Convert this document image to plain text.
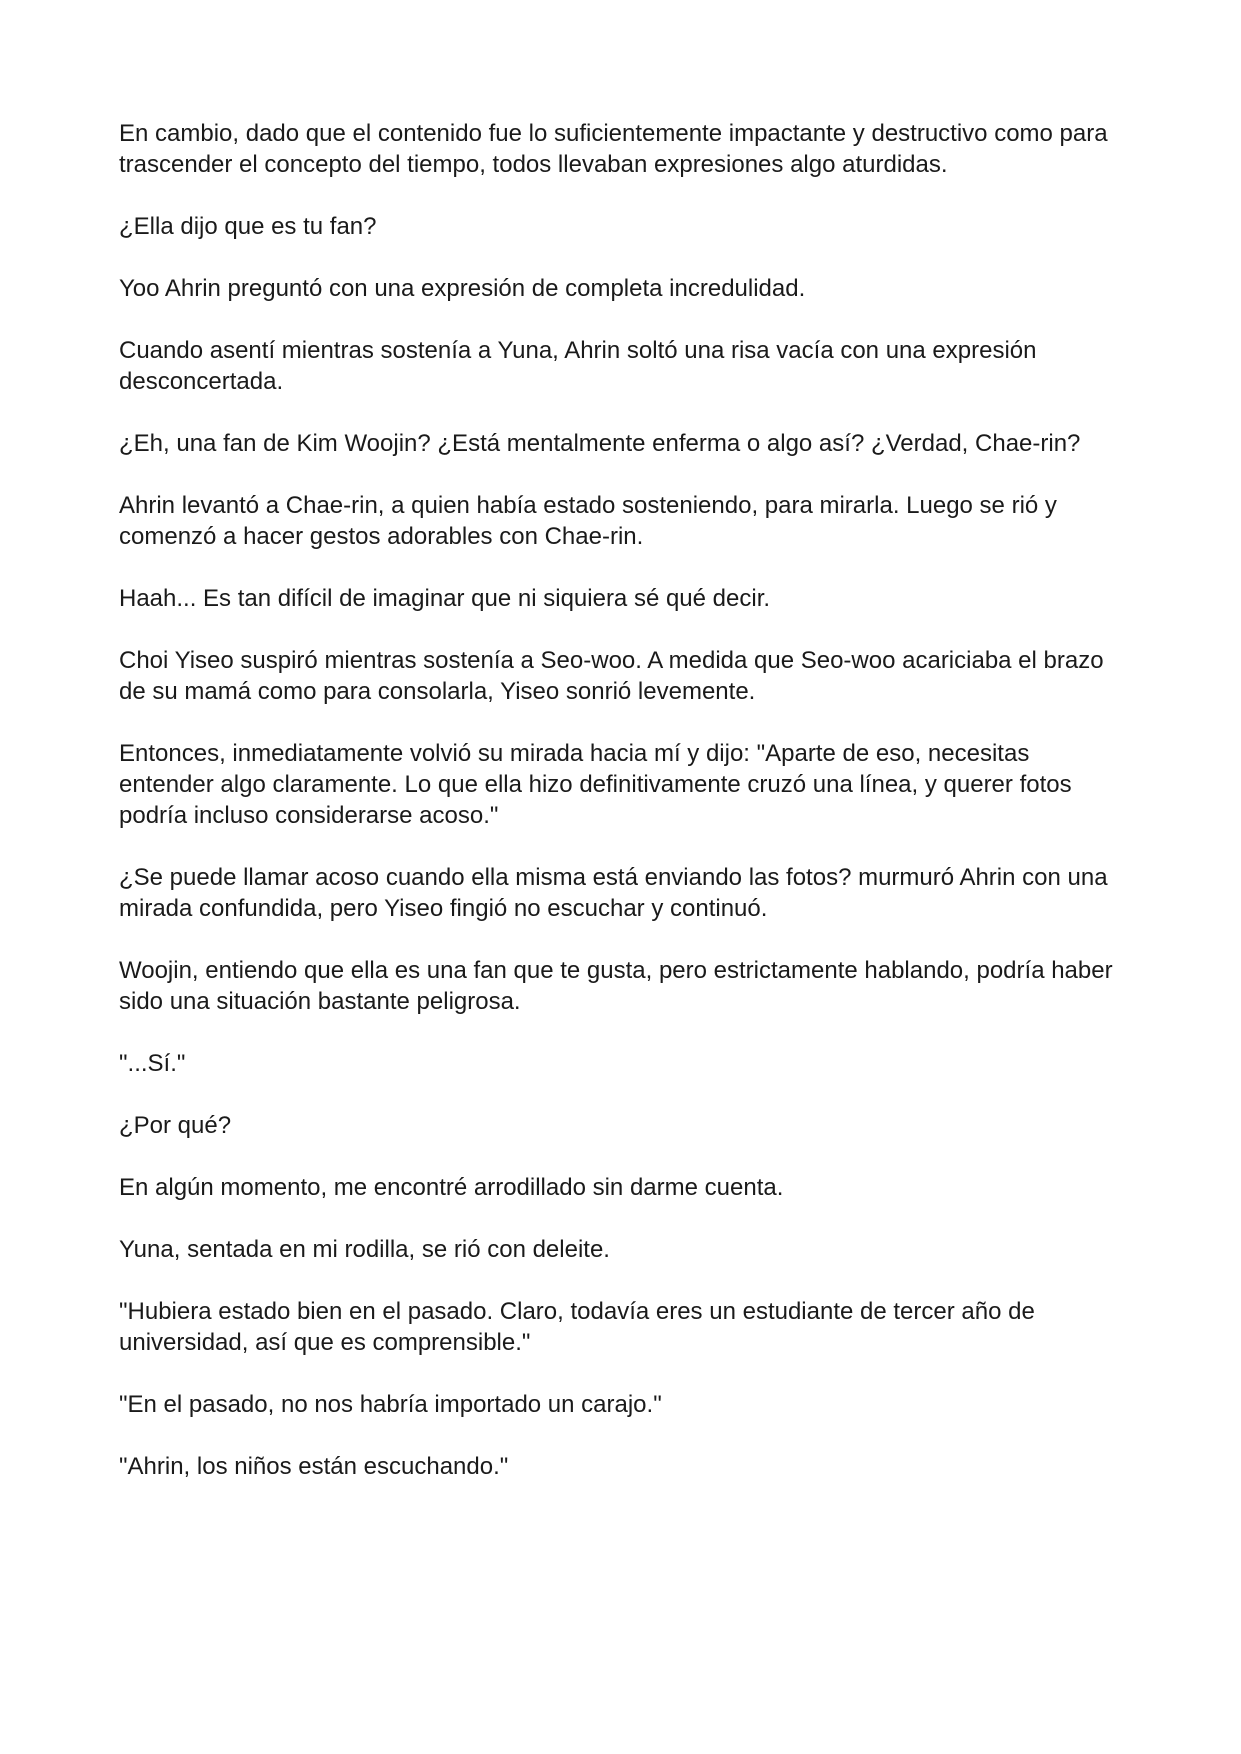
En cambio, dado que el contenido fue lo suficientemente impactante y destructivo como para trascender el concepto del tiempo, todos llevaban expresiones algo aturdidas.

¿Ella dijo que es tu fan?

Yoo Ahrin preguntó con una expresión de completa incredulidad.

Cuando asentí mientras sostenía a Yuna, Ahrin soltó una risa vacía con una expresión desconcertada.

¿Eh, una fan de Kim Woojin? ¿Está mentalmente enferma o algo así? ¿Verdad, Chae-rin?

Ahrin levantó a Chae-rin, a quien había estado sosteniendo, para mirarla. Luego se rió y comenzó a hacer gestos adorables con Chae-rin.

Haah... Es tan difícil de imaginar que ni siquiera sé qué decir.

Choi Yiseo suspiró mientras sostenía a Seo-woo. A medida que Seo-woo acariciaba el brazo de su mamá como para consolarla, Yiseo sonrió levemente.

Entonces, inmediatamente volvió su mirada hacia mí y dijo: "Aparte de eso, necesitas entender algo claramente. Lo que ella hizo definitivamente cruzó una línea, y querer fotos podría incluso considerarse acoso."

¿Se puede llamar acoso cuando ella misma está enviando las fotos? murmuró Ahrin con una mirada confundida, pero Yiseo fingió no escuchar y continuó.

Woojin, entiendo que ella es una fan que te gusta, pero estrictamente hablando, podría haber sido una situación bastante peligrosa.

"...Sí."

¿Por qué?

En algún momento, me encontré arrodillado sin darme cuenta.

Yuna, sentada en mi rodilla, se rió con deleite.

"Hubiera estado bien en el pasado. Claro, todavía eres un estudiante de tercer año de universidad, así que es comprensible."

"En el pasado, no nos habría importado un carajo."

"Ahrin, los niños están escuchando."
